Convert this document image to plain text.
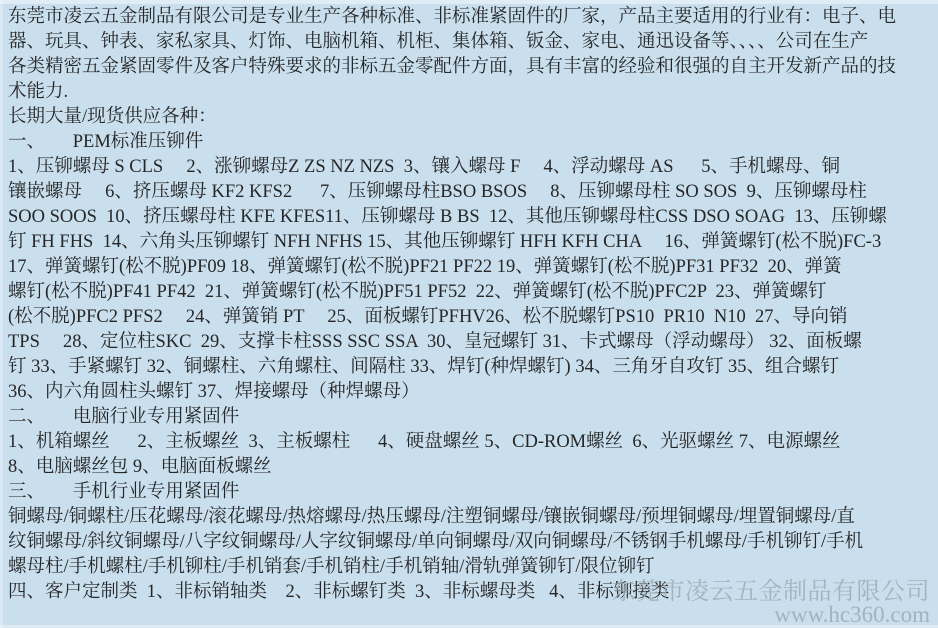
东莞市凌云五金制品有限公司是专业生产各种标准、非标准紧固件的厂家，产品主要适用的行业有：电子、电
器、玩具、钟表、家私家具、灯饰、电脑机箱、机柜、集体箱、钣金、家电、通迅设备等、、、、公司在生产
各类精密五金紧固零件及客户特殊要求的非标五金零配件方面，具有丰富的经验和很强的自主开发新产品的技
术能力.
长期大量/现货供应各种：
一、　　PEM标准压铆件
1、压铆螺母 S CLS　 2、涨铆螺母Z ZS NZ NZS  3、镶入螺母 F 　4、浮动螺母 AS 　 5、手机螺母、铜
镶嵌螺母 　6、挤压螺母 KF2 KFS2 　 7、压铆螺母柱BSO BSOS 　8、压铆螺母柱 SO SOS  9、压铆螺母柱
SOO SOOS  10、挤压螺母柱 KFE KFES11、压铆螺母 B BS  12、其他压铆螺母柱CSS DSO SOAG  13、压铆螺
钉 FH FHS  14、六角头压铆螺钉 NFH NFHS 15、其他压铆螺钉 HFH KFH CHA 　16、弹簧螺钉(松不脱)FC-3
17、弹簧螺钉(松不脱)PF09 18、弹簧螺钉(松不脱)PF21 PF22 19、弹簧螺钉(松不脱)PF31 PF32  20、弹簧
螺钉(松不脱)PF41 PF42  21、弹簧螺钉(松不脱)PF51 PF52  22、弹簧螺钉(松不脱)PFC2P  23、弹簧螺钉
(松不脱)PFC2 PFS2 　24、弹簧销 PT 　25、面板螺钉PFHV26、松不脱螺钉PS10  PR10  N10  27、导向销
TPS 　28、定位柱SKC  29、支撑卡柱SSS SSC SSA  30、皇冠螺钉 31、卡式螺母（浮动螺母） 32、面板螺
钉 33、手紧螺钉 32、铜螺柱、六角螺柱、间隔柱 33、焊钉(种焊螺钉) 34、三角牙自攻钉 35、组合螺钉
36、内六角圆柱头螺钉 37、焊接螺母（种焊螺母）
二、　　电脑行业专用紧固件
1、机箱螺丝 　 2、主板螺丝  3、主板螺柱 　 4、硬盘螺丝 5、CD-ROM螺丝  6、光驱螺丝 7、电源螺丝
8、电脑螺丝包 9、电脑面板螺丝
三、　　手机行业专用紧固件
铜螺母/铜螺柱/压花螺母/滚花螺母/热熔螺母/热压螺母/注塑铜螺母/镶嵌铜螺母/预埋铜螺母/埋置铜螺母/直
纹铜螺母/斜纹铜螺母/八字纹铜螺母/人字纹铜螺母/单向铜螺母/双向铜螺母/不锈钢手机螺母/手机铆钉/手机
螺母柱/手机螺柱/手机铆柱/手机销套/手机销柱/手机销轴/滑轨弹簧铆钉/限位铆钉
四、客户定制类  1、非标销轴类    2、非标螺钉类  3、非标螺母类   4、非标铆接类
东莞市凌云五金制品有限公司
www.hc360.com
